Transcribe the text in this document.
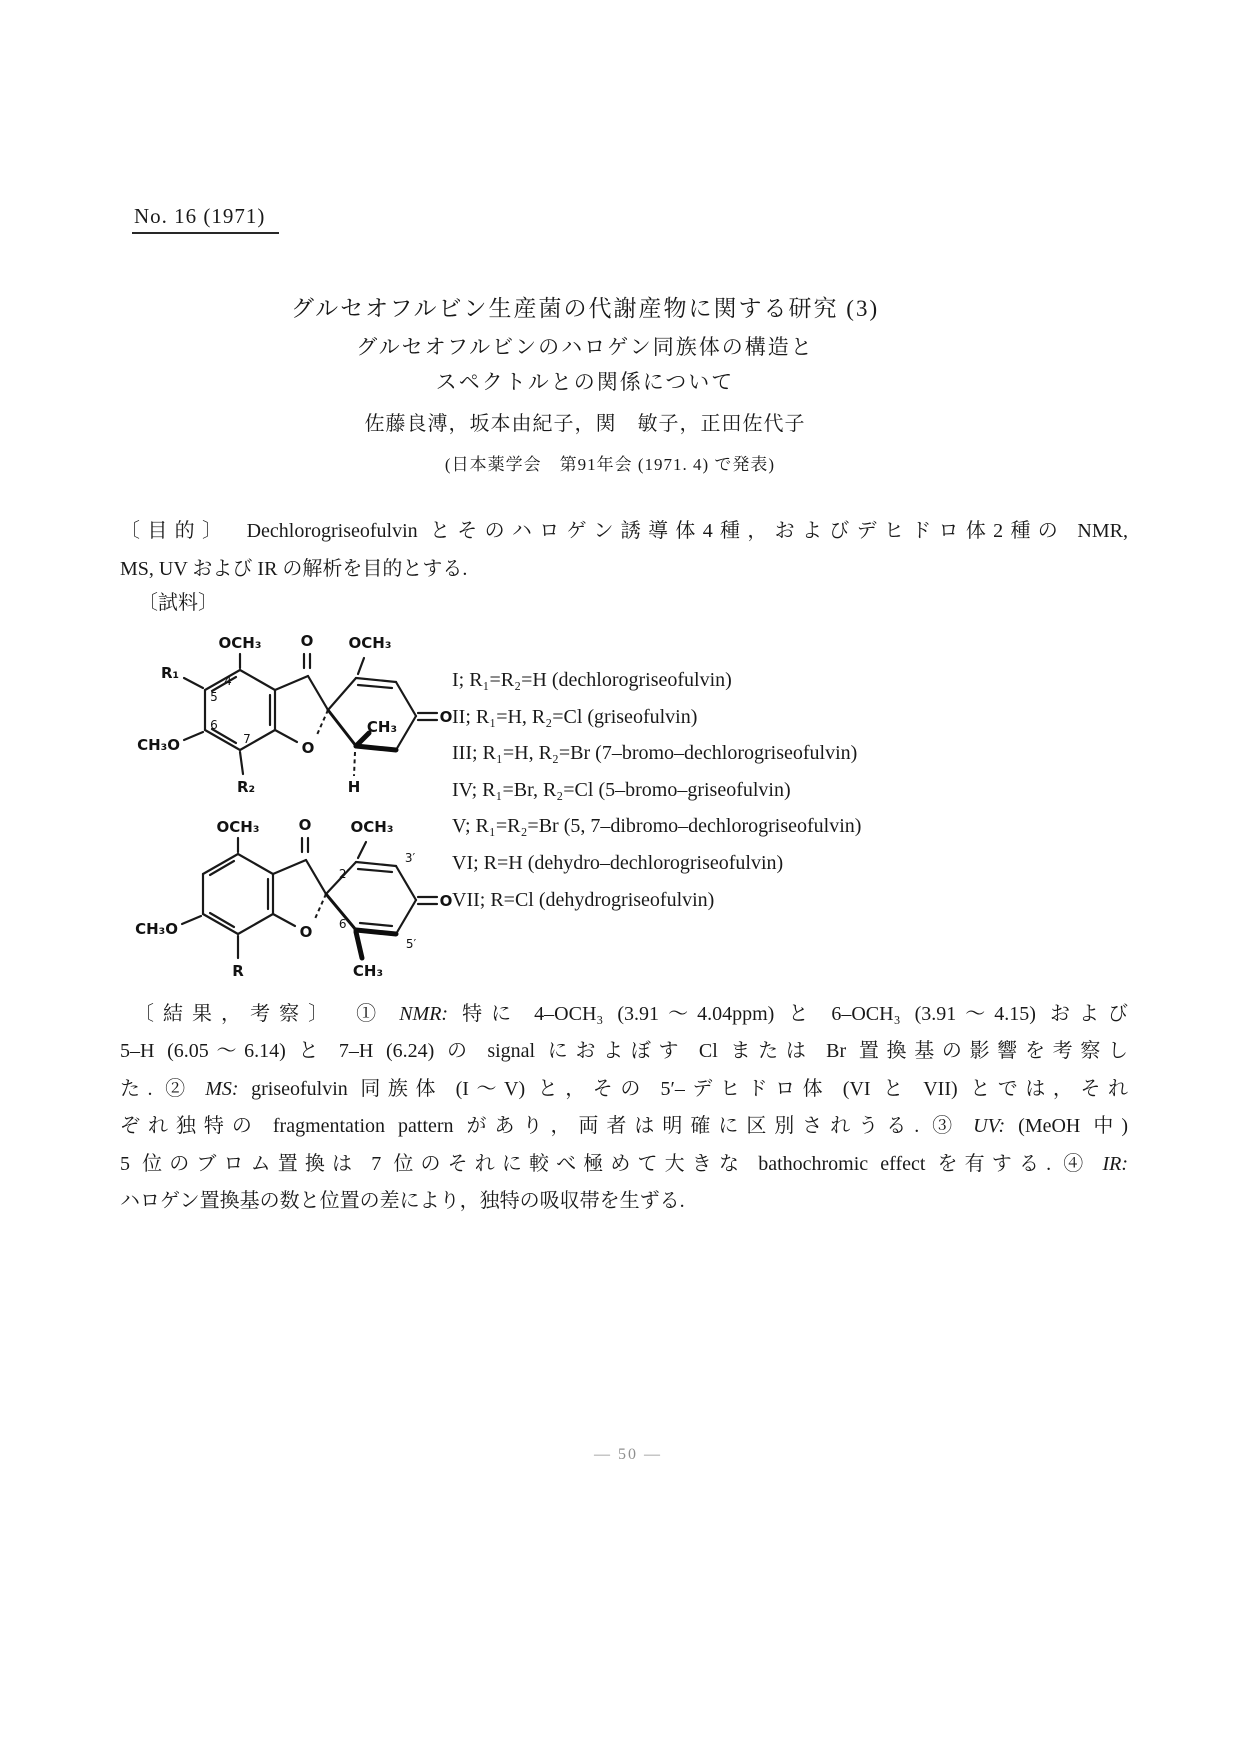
No. 16 (1971)
グルセオフルビン生産菌の代謝産物に関する研究 (3)
グルセオフルビンのハロゲン同族体の構造と
スペクトルとの関係について
佐藤良溥，坂本由紀子，関　敏子，正田佐代子
(日本薬学会　第91年会 (1971. 4) で発表)
〔目的〕　Dechlorogriseofulvin とそのハロゲン誘導体4種，およびデヒドロ体2種の NMR,
MS, UV および IR の解析を目的とする.
〔試料〕
OCH₃	O OCH₃
R₁	4
5
CH₃O
6
7
R₂
O
CH₃
H
O
OCH₃	O	OCH₃
2′
3′
CH₃O
R
O 6′
5′
CH₃
O
I; R₁=R₂=H (dechlorogriseofulvin)
II; R₁=H, R₂=Cl (griseofulvin)
III; R₁=H, R₂=Br (7–bromo–dechlorogriseofulvin)
IV; R₁=Br, R₂=Cl (5–bromo–griseofulvin)
V; R₁=R₂=Br (5, 7–dibromo–dechlorogriseofulvin)
VI; R=H (dehydro–dechlorogriseofulvin)
VII; R=Cl (dehydrogriseofulvin)
〔結果，考察〕　① NMR: 特に 4–OCH₃ (3.91～4.04ppm) と 6–OCH₃ (3.91～4.15) および
5–H (6.05～6.14) と 7–H (6.24) の signal におよぼす Cl または Br 置換基の影響を考察し
た. ② MS: griseofulvin 同族体 (I～V) と，その 5′–デヒドロ体 (VI と VII) とでは，それ
ぞれ独特の fragmentation pattern があり，両者は明確に区別されうる. ③ UV: (MeOH 中)
5 位のブロム置換は 7 位のそれに較べ極めて大きな bathochromic effect を有する. ④ IR:
ハロゲン置換基の数と位置の差により，独特の吸収帯を生ずる.
— 50 —
